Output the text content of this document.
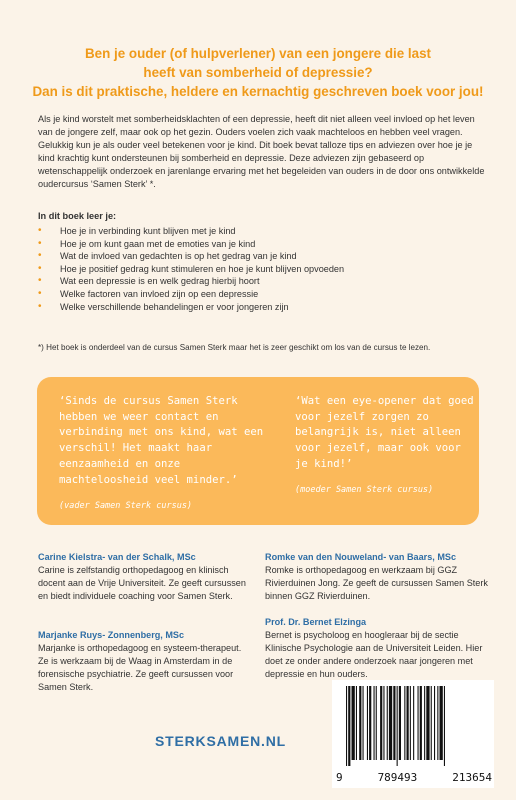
Ben je ouder (of hulpverlener) van een jongere die last
heeft van somberheid of depressie?
Dan is dit praktische, heldere en kernachtig geschreven boek voor jou!
Als je kind worstelt met somberheidsklachten of een depressie, heeft dit niet alleen veel invloed op het leven van de jongere zelf, maar ook op het gezin. Ouders voelen zich vaak machteloos en hebben veel vragen. Gelukkig kun je als ouder veel betekenen voor je kind. Dit boek bevat talloze tips en adviezen over hoe je je kind krachtig kunt ondersteunen bij somberheid en depressie. Deze adviezen zijn gebaseerd op wetenschappelijk onderzoek en jarenlange ervaring met het begeleiden van ouders in de door ons ontwikkelde oudercursus ‘Samen Sterk’ *.
In dit boek leer je:
• Hoe je in verbinding kunt blijven met je kind
• Hoe je om kunt gaan met de emoties van je kind
• Wat de invloed van gedachten is op het gedrag van je kind
• Hoe je positief gedrag kunt stimuleren en hoe je kunt blijven opvoeden
• Wat een depressie is en welk gedrag hierbij hoort
• Welke factoren van invloed zijn op een depressie
• Welke verschillende behandelingen er voor jongeren zijn
*) Het boek is onderdeel van de cursus Samen Sterk maar het is zeer geschikt om los van de cursus te lezen.
‘Sinds de cursus Samen Sterk hebben we weer contact en verbinding met ons kind, wat een verschil! Het maakt haar eenzaamheid en onze machteloosheid veel minder.’
(vader Samen Sterk cursus)
‘Wat een eye-opener dat goed voor jezelf zorgen zo belangrijk is, niet alleen voor jezelf, maar ook voor je kind!’
(moeder Samen Sterk cursus)
Carine Kielstra- van der Schalk, MSc
Carine is zelfstandig orthopedagoog en klinisch docent aan de Vrije Universiteit. Ze geeft cursussen en biedt individuele coaching voor Samen Sterk.
Marjanke Ruys- Zonnenberg, MSc
Marjanke is orthopedagoog en systeem-therapeut. Ze is werkzaam bij de Waag in Amsterdam in de forensische psychiatrie. Ze geeft cursussen voor Samen Sterk.
Romke van den Nouweland- van Baars, MSc
Romke is orthopedagoog en werkzaam bij GGZ Rivierduinen Jong. Ze geeft de cursussen Samen Sterk binnen GGZ Rivierduinen.
Prof. Dr. Bernet Elzinga
Bernet is psycholoog en hoogleraar bij de sectie Klinische Psychologie aan de Universiteit Leiden. Hier doet ze onder andere onderzoek naar jongeren met depressie en hun ouders.
STERKSAMEN.NL
9	789493	213654
